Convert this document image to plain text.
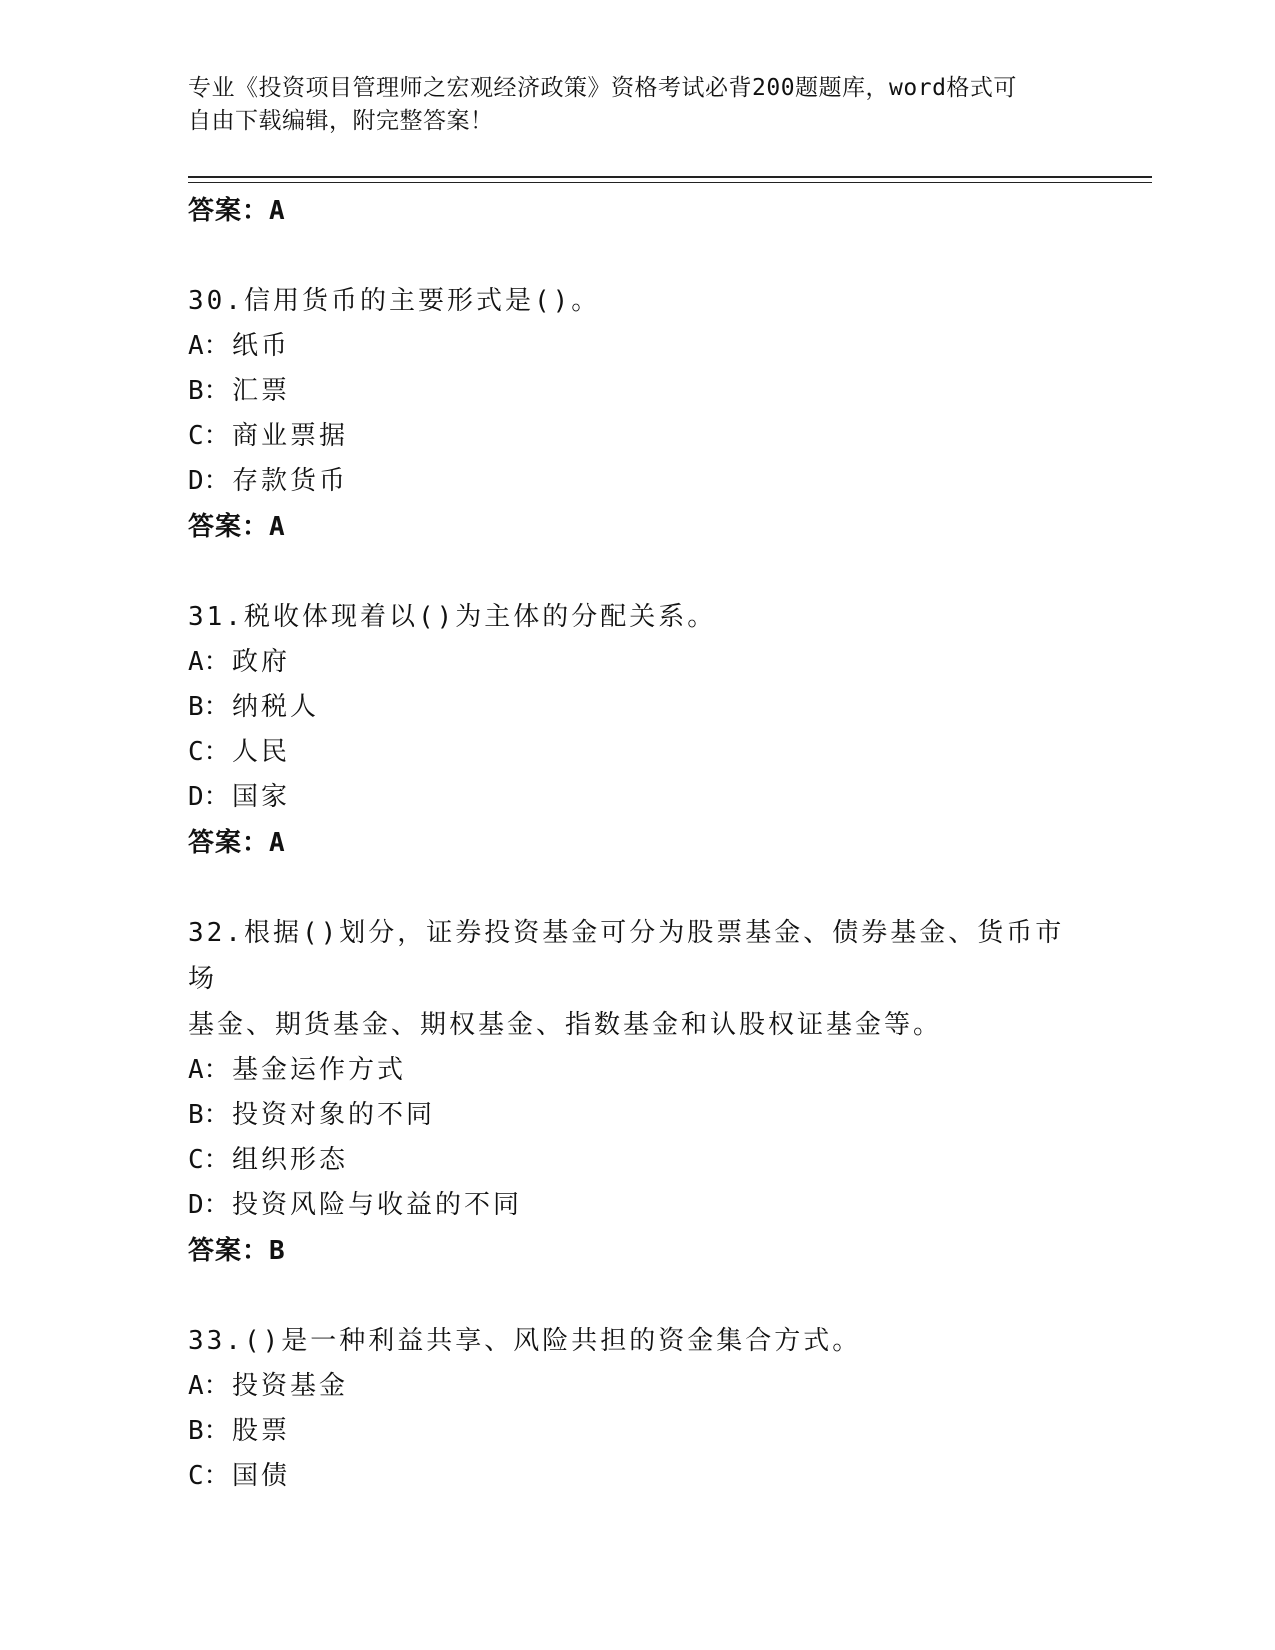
专业《投资项目管理师之宏观经济政策》资格考试必背200题题库，word格式可
自由下载编辑，附完整答案！
答案：A
30.信用货币的主要形式是()。
A：纸币
B：汇票
C：商业票据
D：存款货币
答案：A
31.税收体现着以()为主体的分配关系。
A：政府
B：纳税人
C：人民
D：国家
答案：A
32.根据()划分，证券投资基金可分为股票基金、债券基金、货币市场
基金、期货基金、期权基金、指数基金和认股权证基金等。
A：基金运作方式
B：投资对象的不同
C：组织形态
D：投资风险与收益的不同
答案：B
33.()是一种利益共享、风险共担的资金集合方式。
A：投资基金
B：股票
C：国债
